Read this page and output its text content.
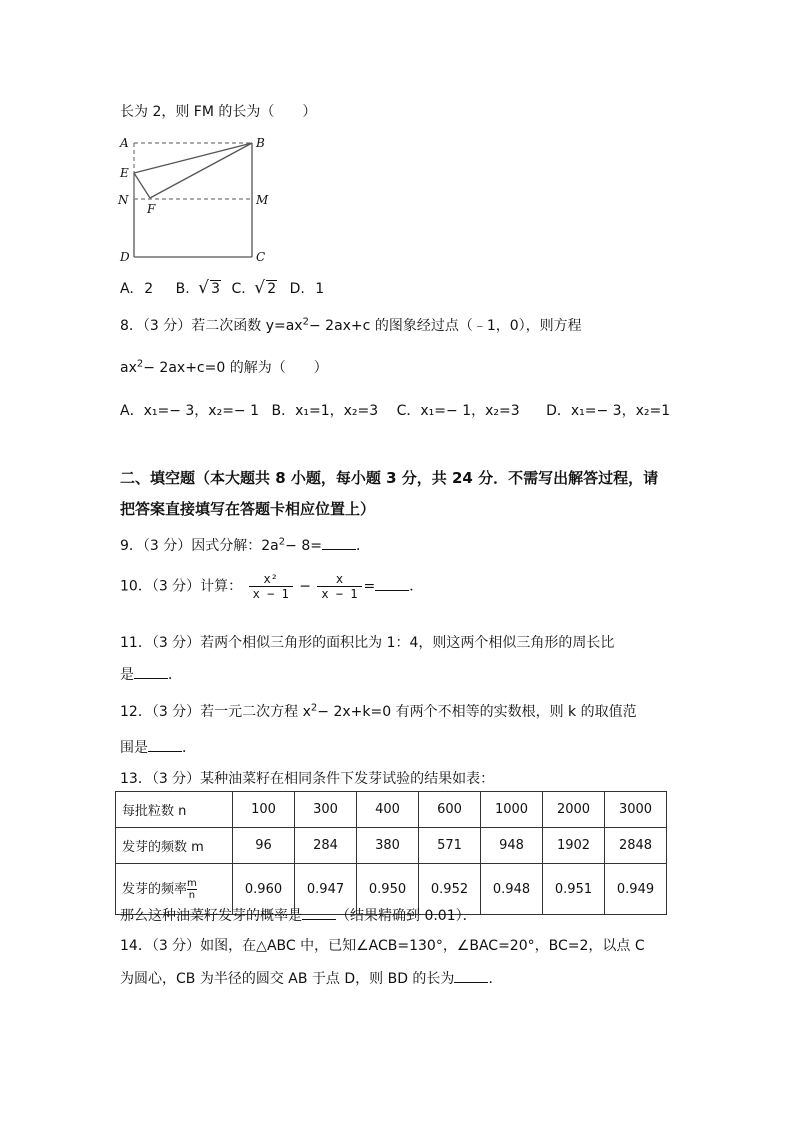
长为 2，则 FM 的长为（　　）
A	B
E
N
F
M
D	C
A. 2 B. √ 3 C. √ 2 D. 1
8．（3 分）若二次函数 $y=ax^2- 2ax+c$ 的图象经过点（﹣1，0），则方程
$ax^2- 2ax+c=0$ 的解为（　　）
A．x₁=− 3，x₂=− 1 B．x₁=1，x₂=3 C．x₁=− 1，x₂=3 D．x₁=− 3，x₂=1
二、填空题（本大题共 8 小题，每小题 3 分，共 24 分．不需写出解答过程，请
把答案直接填写在答题卡相应位置上）
9．（3 分）因式分解：$2a^2- 8=$ ．
10．（3 分）计算： $\frac{\text{x²}}{x - 1} - \frac{x}{x - 1}$ = ．
11．（3 分）若两个相似三角形的面积比为 1：4，则这两个相似三角形的周长比
是 ．
12．（3 分）若一元二次方程 $x^2- 2x+k=0$ 有两个不相等的实数根，则 k 的取值范
围是 ．
13．（3 分）某种油菜籽在相同条件下发芽试验的结果如表：
每批粒数 n	100	300	400	600	1000	2000	3000
发芽的频数 m	96	284	380	571	948	1902	2848
发芽的频率 $\frac{m}{n}$	0.960	0.947	0.950	0.952	0.948	0.951	0.949
那么这种油菜籽发芽的概率是 （结果精确到 0.01）．
14．（3 分）如图，在△ABC 中，已知∠ACB=130°，∠BAC=20°，BC=2，以点 C
为圆心，CB 为半径的圆交 AB 于点 D，则 BD 的长为 ．
